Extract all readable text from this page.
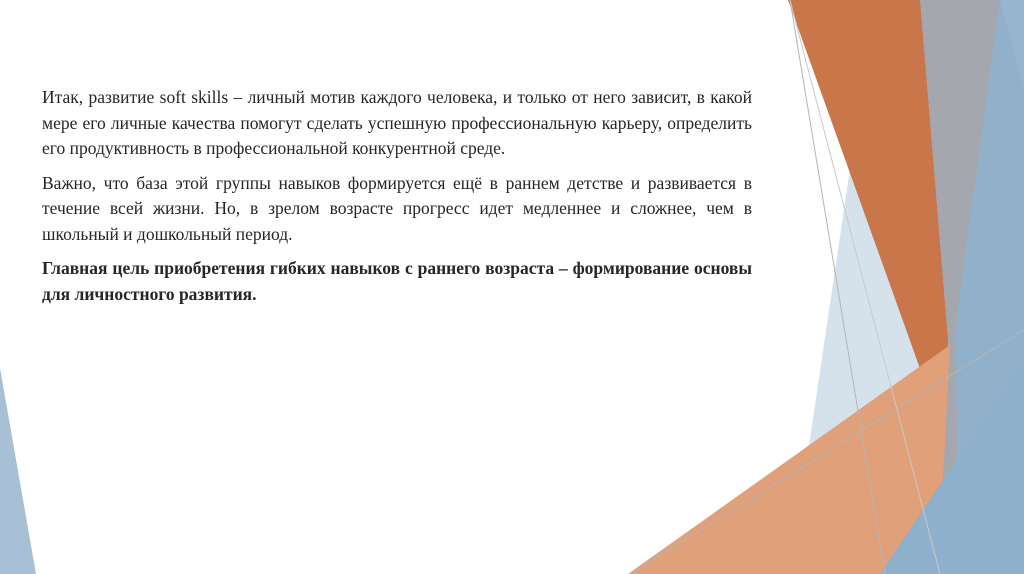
Итак, развитие soft skills – личный мотив каждого человека, и только от него зависит, в какой мере его личные качества помогут сделать успешную профессиональную карьеру, определить его продуктивность в профессиональной конкурентной среде.

Важно, что база этой группы навыков формируется ещё в раннем детстве и развивается в течение всей жизни. Но, в зрелом возрасте прогресс идет медленнее и сложнее, чем в школьный и дошкольный период.

Главная цель приобретения гибких навыков с раннего возраста – формирование основы для личностного развития.
